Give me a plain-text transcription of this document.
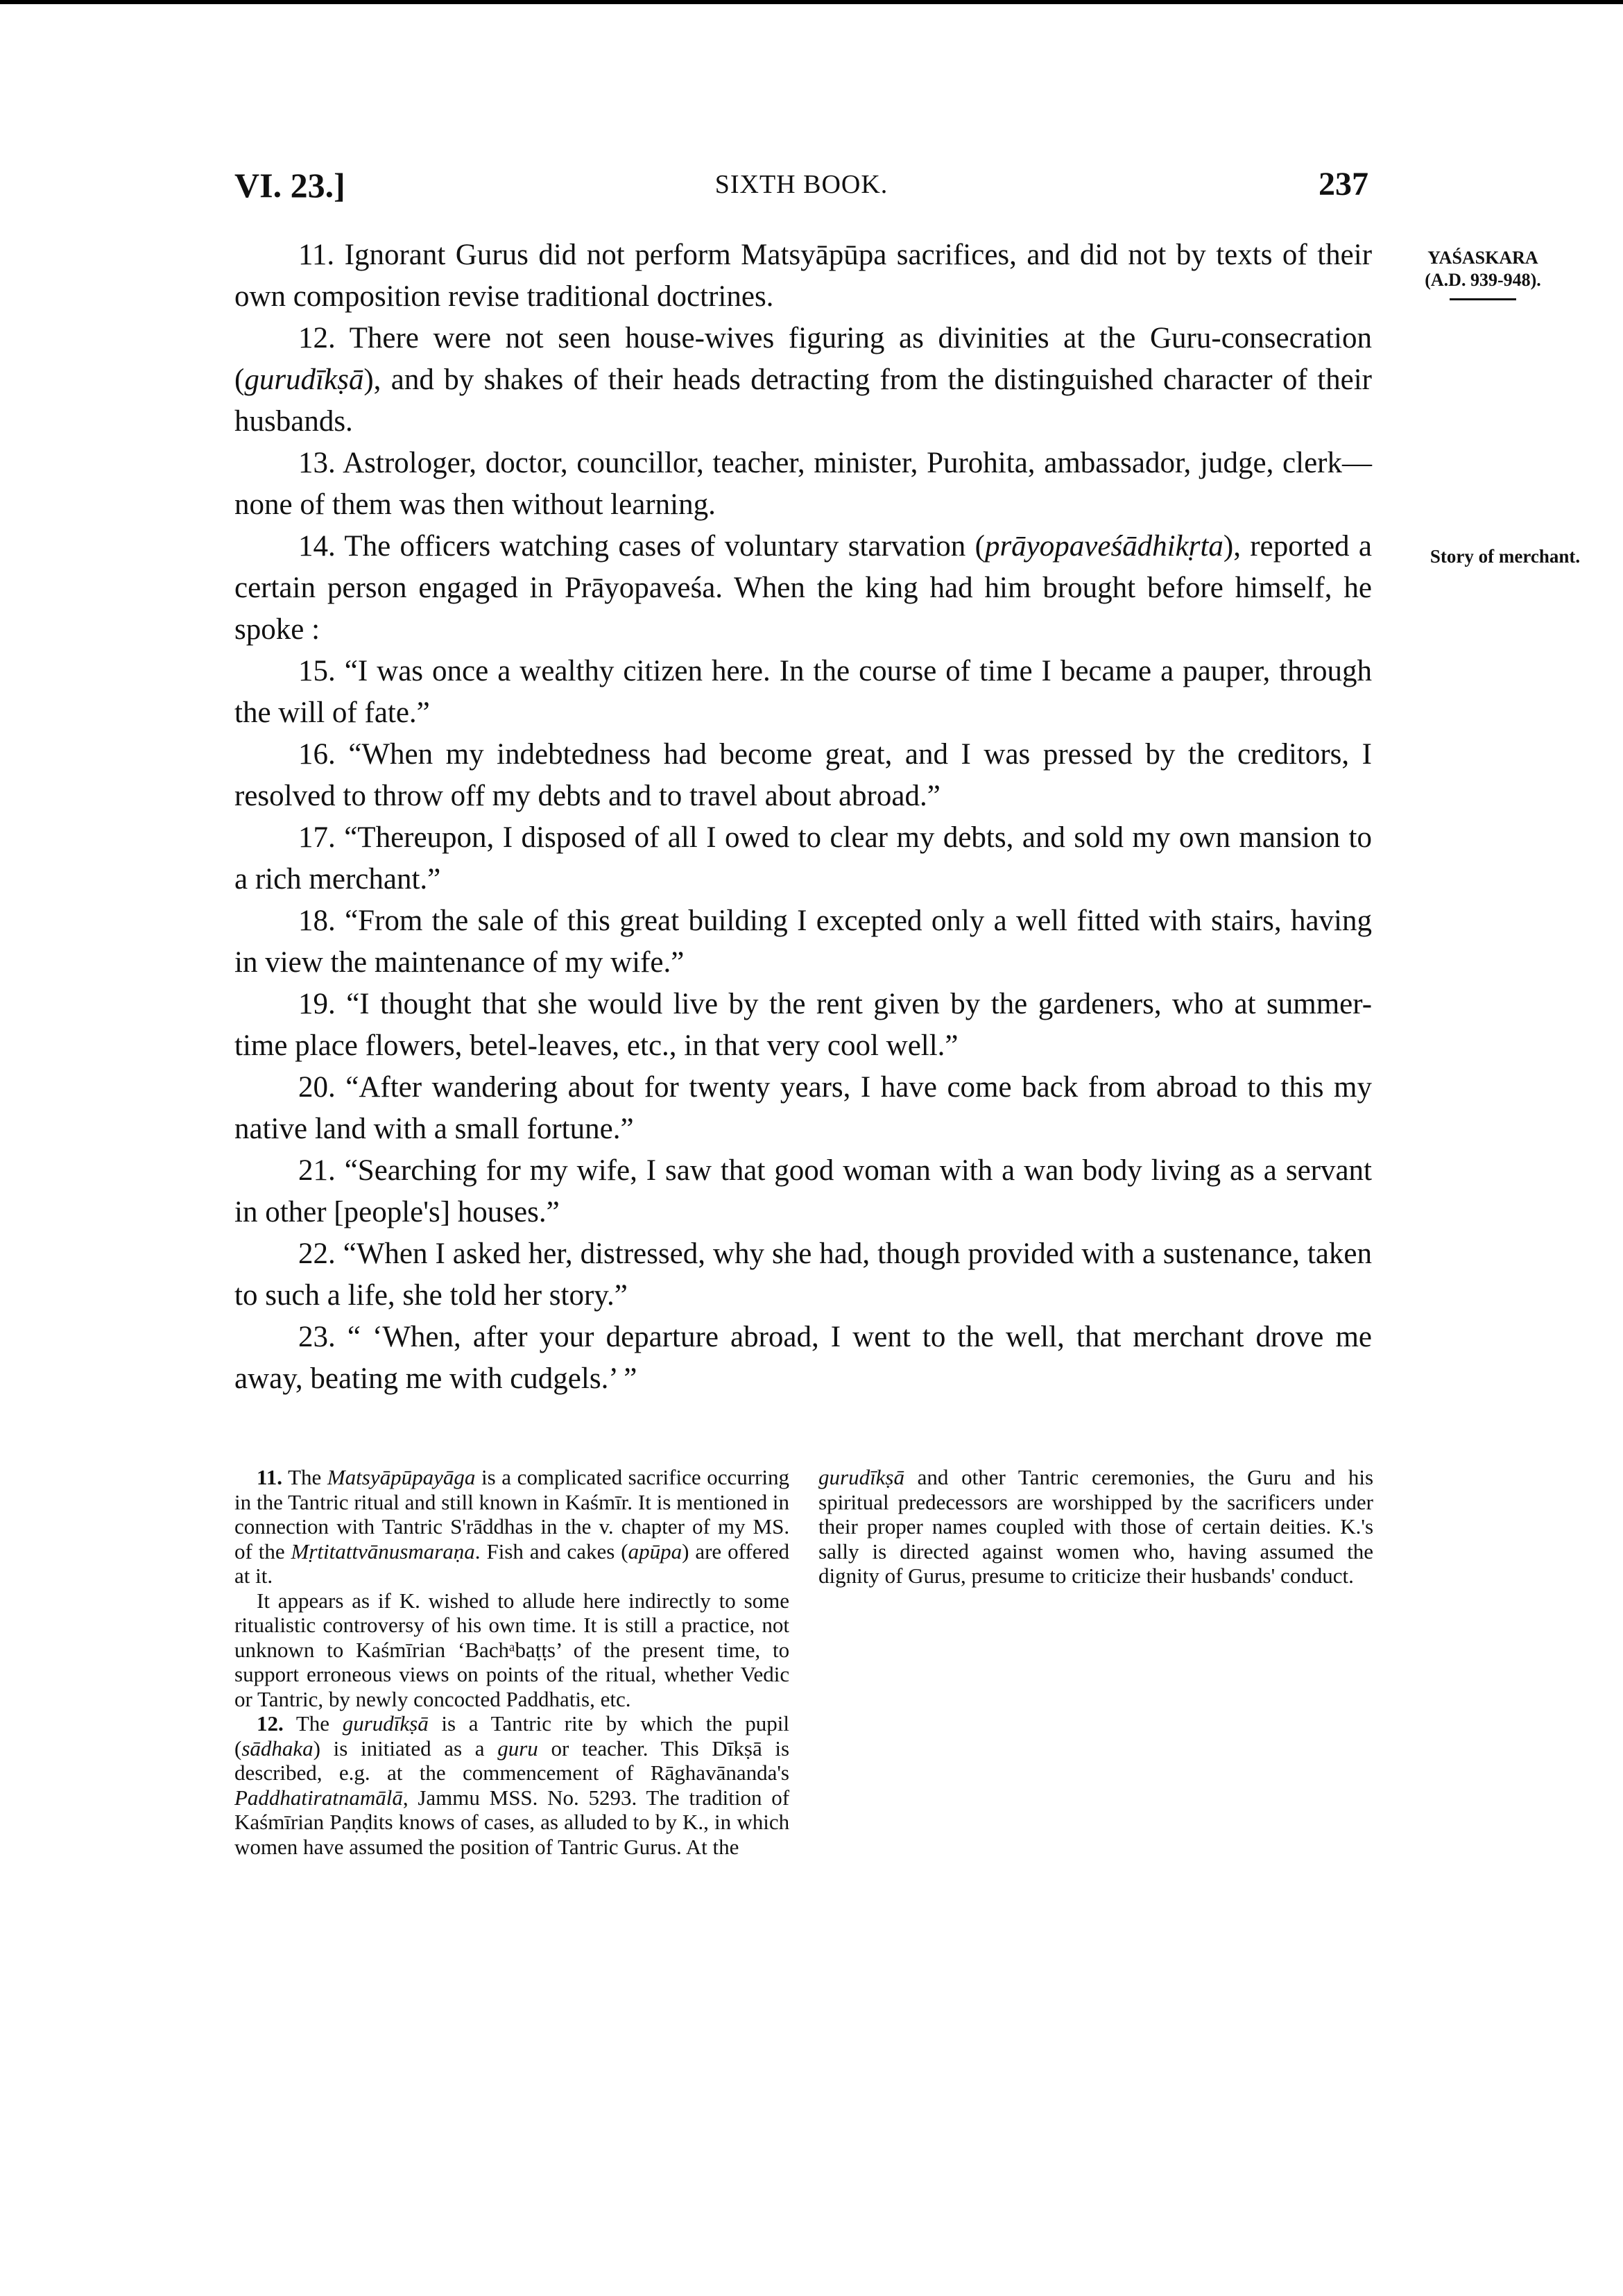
VI. 23.]	SIXTH BOOK.	237
YAŚASKARA
(A.D. 939-948).
Story of merchant.

11. Ignorant Gurus did not perform Matsyāpūpa sacrifices, and did not by texts of their own composition revise traditional doctrines.

12. There were not seen house-wives figuring as divinities at the Guru-consecration (gurudīkṣā), and by shakes of their heads detracting from the distinguished character of their husbands.

13. Astrologer, doctor, councillor, teacher, minister, Purohita, ambassador, judge, clerk—none of them was then without learning.

14. The officers watching cases of voluntary starvation (prāyopaveśādhikṛta), reported a certain person engaged in Prāyopaveśa. When the king had him brought before himself, he spoke :

15. “I was once a wealthy citizen here. In the course of time I became a pauper, through the will of fate.”

16. “When my indebtedness had become great, and I was pressed by the creditors, I resolved to throw off my debts and to travel about abroad.”

17. “Thereupon, I disposed of all I owed to clear my debts, and sold my own mansion to a rich merchant.”

18. “From the sale of this great building I excepted only a well fitted with stairs, having in view the maintenance of my wife.”

19. “I thought that she would live by the rent given by the gardeners, who at summer-time place flowers, betel-leaves, etc., in that very cool well.”

20. “After wandering about for twenty years, I have come back from abroad to this my native land with a small fortune.”

21. “Searching for my wife, I saw that good woman with a wan body living as a servant in other [people's] houses.”

22. “When I asked her, distressed, why she had, though provided with a sustenance, taken to such a life, she told her story.”

23. “ ‘When, after your departure abroad, I went to the well, that merchant drove me away, beating me with cudgels.’ ”

11. The Matsyāpūpayāga is a complicated sacrifice occurring in the Tantric ritual and still known in Kaśmīr. It is mentioned in connection with Tantric S'rāddhas in the v. chapter of my MS. of the Mṛtitattvānusmaraṇa. Fish and cakes (apūpa) are offered at it.

It appears as if K. wished to allude here indirectly to some ritualistic controversy of his own time. It is still a practice, not unknown to Kaśmīrian ‘Bachᵃbaṭṭs’ of the present time, to support erroneous views on points of the ritual, whether Vedic or Tantric, by newly concocted Paddhatis, etc.

12. The gurudīkṣā is a Tantric rite by which the pupil (sādhaka) is initiated as a guru or teacher. This Dīkṣā is described, e.g. at the commencement of Rāghavānanda's Paddhatiratnamālā, Jammu MSS. No. 5293. The tradition of Kaśmīrian Paṇḍits knows of cases, as alluded to by K., in which women have assumed the position of Tantric Gurus. At the

gurudīkṣā and other Tantric ceremonies, the Guru and his spiritual predecessors are worshipped by the sacrificers under their proper names coupled with those of certain deities. K.'s sally is directed against women who, having assumed the dignity of Gurus, presume to criticize their husbands' conduct.
